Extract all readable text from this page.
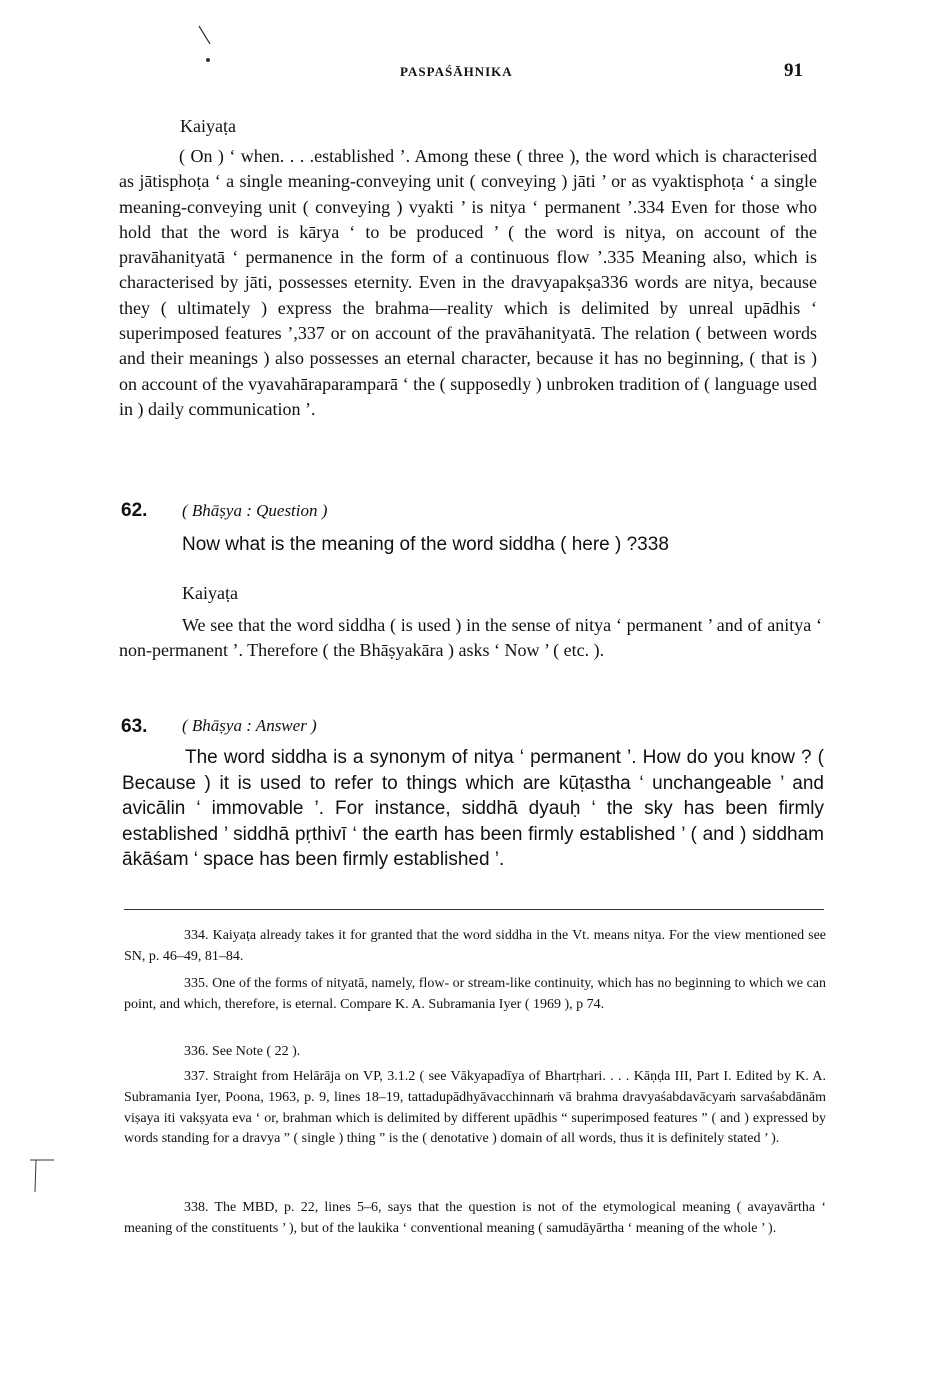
PASPAŚĀHNIKA	91
Kaiyaṭa
( On ) ‘ when. . . .established ’. Among these ( three ), the word which is characterised as jātisphoṭa ‘ a single meaning-conveying unit ( conveying ) jāti ’ or as vyaktisphoṭa ‘ a single meaning-conveying unit ( conveying ) vyakti ’ is nitya ‘ permanent ’.334 Even for those who hold that the word is kārya ‘ to be produced ’ ( the word is nitya, on account of the pravāhanityatā ‘ permanence in the form of a continuous flow ’.335 Meaning also, which is characterised by jāti, possesses eternity. Even in the dravyapakṣa336 words are nitya, because they ( ultimately ) express the brahma—reality which is delimited by unreal upādhis ‘ superimposed features ’,337 or on account of the pravāhanityatā. The relation ( between words and their meanings ) also possesses an eternal character, because it has no beginning, ( that is ) on account of the vyavahāraparamparā ‘ the ( supposedly ) unbroken tradition of ( language used in ) daily communication ’.
62. ( Bhāṣya : Question )
Now what is the meaning of the word siddha ( here ) ?338
Kaiyaṭa
We see that the word siddha ( is used ) in the sense of nitya ‘ permanent ’ and of anitya ‘ non-permanent ’. Therefore ( the Bhāṣyakāra ) asks ‘ Now ’ ( etc. ).
63. ( Bhāṣya : Answer )
The word siddha is a synonym of nitya ‘ permanent ’. How do you know ? ( Because ) it is used to refer to things which are kūṭastha ‘ unchangeable ’ and avicālin ‘ immovable ’. For instance, siddhā dyauḥ ‘ the sky has been firmly established ’ siddhā pṛthivī ‘ the earth has been firmly established ’ ( and ) siddham ākāśam ‘ space has been firmly established ’.
334. Kaiyaṭa already takes it for granted that the word siddha in the Vt. means nitya. For the view mentioned see SN, p. 46–49, 81–84.
335. One of the forms of nityatā, namely, flow- or stream-like continuity, which has no beginning to which we can point, and which, therefore, is eternal. Compare K. A. Subramania Iyer ( 1969 ), p 74.
336. See Note ( 22 ).
337. Straight from Helārāja on VP, 3.1.2 ( see Vākyapadīya of Bhartṛhari. . . . Kāṇḍa III, Part I. Edited by K. A. Subramania Iyer, Poona, 1963, p. 9, lines 18–19, tattadupādhyāvacchinnaṁ vā brahma dravyaśabdavācyaṁ sarvaśabdānām viṣaya iti vakṣyata eva ‘ or, brahman which is delimited by different upādhis “ superimposed features ” ( and ) expressed by words standing for a dravya ” ( single ) thing ” is the ( denotative ) domain of all words, thus it is definitely stated ’ ).
338. The MBD, p. 22, lines 5–6, says that the question is not of the etymological meaning ( avayavārtha ‘ meaning of the constituents ’ ), but of the laukika ‘ conventional meaning ( samudāyārtha ‘ meaning of the whole ’ ).
